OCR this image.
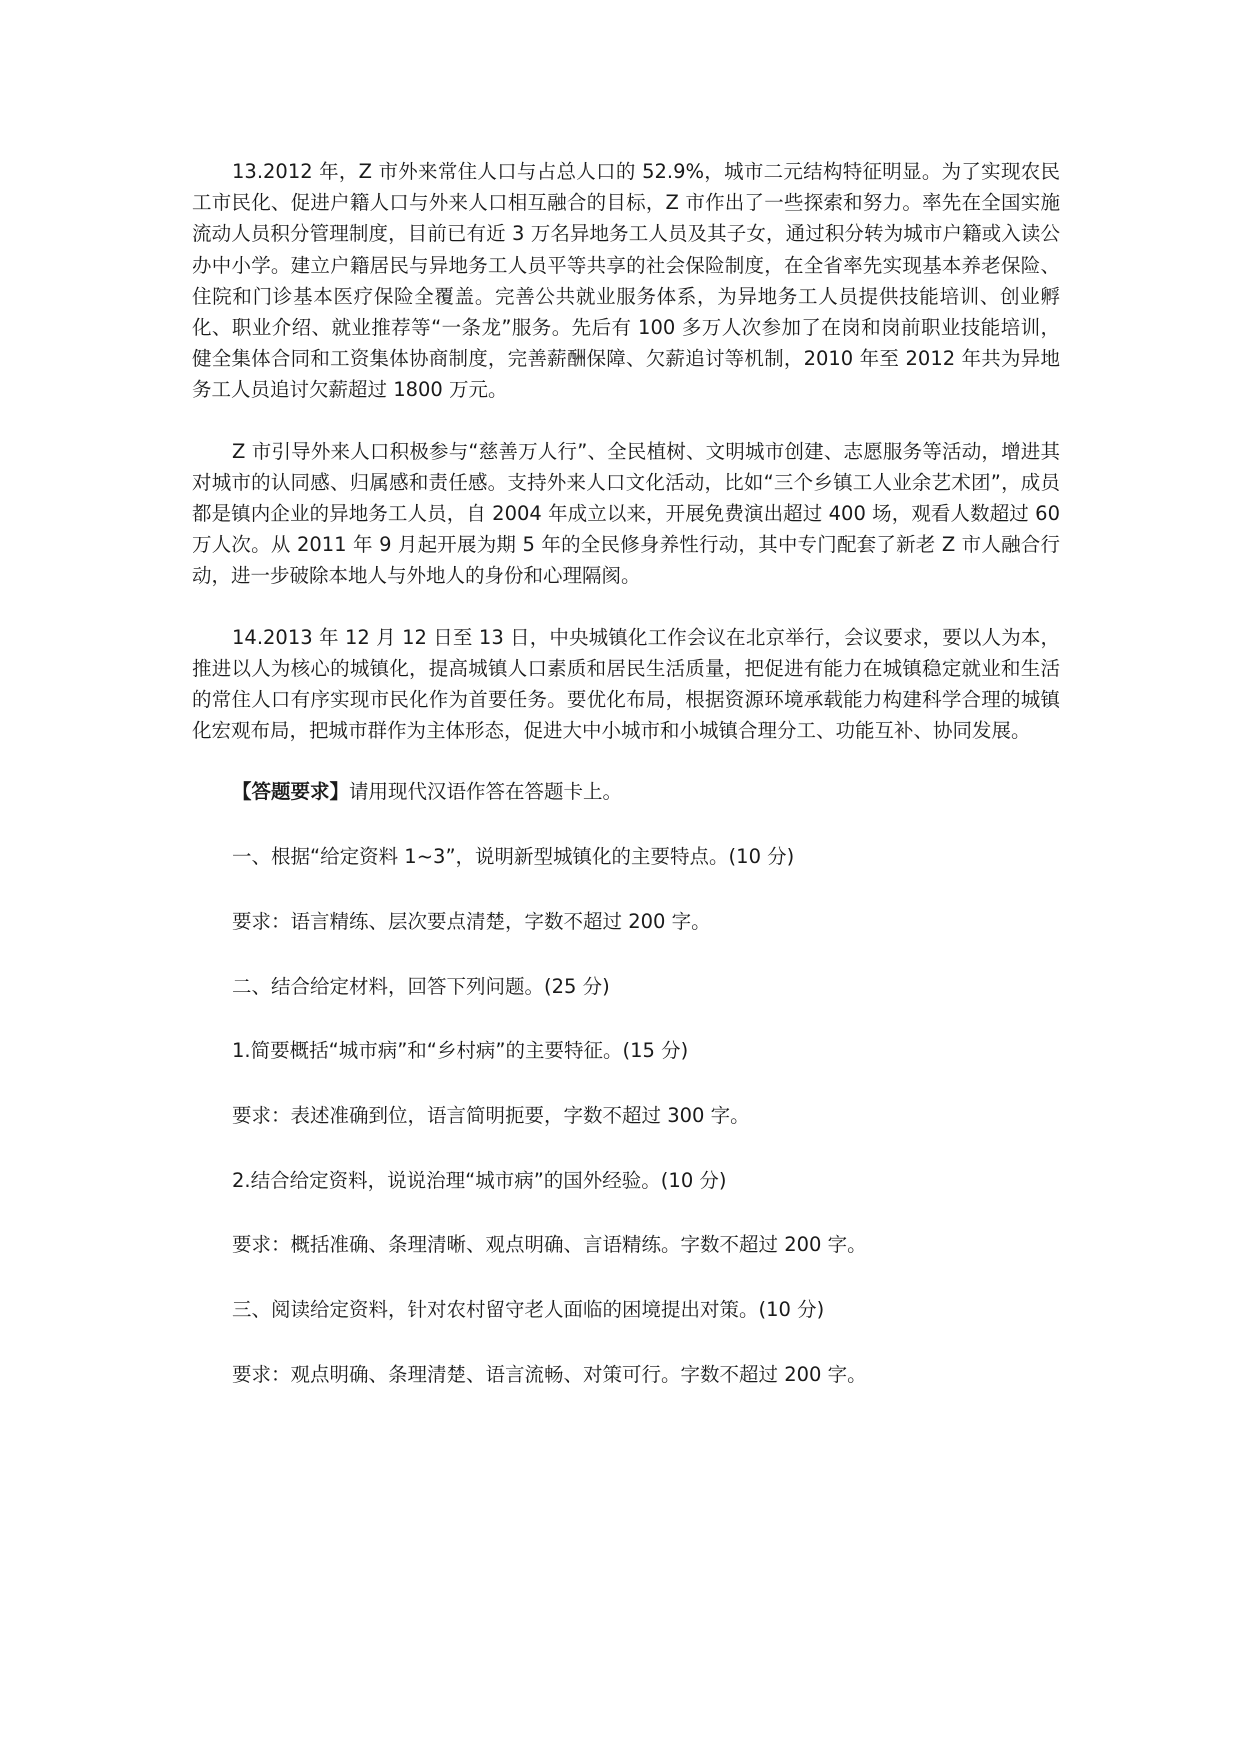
13.2012 年，Z 市外来常住人口与占总人口的 52.9%，城市二元结构特征明显。为了实现农民工市民化、促进户籍人口与外来人口相互融合的目标，Z 市作出了一些探索和努力。率先在全国实施流动人员积分管理制度，目前已有近 3 万名异地务工人员及其子女，通过积分转为城市户籍或入读公办中小学。建立户籍居民与异地务工人员平等共享的社会保险制度，在全省率先实现基本养老保险、住院和门诊基本医疗保险全覆盖。完善公共就业服务体系，为异地务工人员提供技能培训、创业孵化、职业介绍、就业推荐等“一条龙”服务。先后有 100 多万人次参加了在岗和岗前职业技能培训，健全集体合同和工资集体协商制度，完善薪酬保障、欠薪追讨等机制，2010 年至 2012 年共为异地务工人员追讨欠薪超过 1800 万元。

Z 市引导外来人口积极参与“慈善万人行”、全民植树、文明城市创建、志愿服务等活动，增进其对城市的认同感、归属感和责任感。支持外来人口文化活动，比如“三个乡镇工人业余艺术团”，成员都是镇内企业的异地务工人员，自 2004 年成立以来，开展免费演出超过 400 场，观看人数超过 60 万人次。从 2011 年 9 月起开展为期 5 年的全民修身养性行动，其中专门配套了新老 Z 市人融合行动，进一步破除本地人与外地人的身份和心理隔阂。

14.2013 年 12 月 12 日至 13 日，中央城镇化工作会议在北京举行，会议要求，要以人为本，推进以人为核心的城镇化，提高城镇人口素质和居民生活质量，把促进有能力在城镇稳定就业和生活的常住人口有序实现市民化作为首要任务。要优化布局，根据资源环境承载能力构建科学合理的城镇化宏观布局，把城市群作为主体形态，促进大中小城市和小城镇合理分工、功能互补、协同发展。

【答题要求】请用现代汉语作答在答题卡上。

一、根据“给定资料 1~3”，说明新型城镇化的主要特点。(10 分)

要求：语言精练、层次要点清楚，字数不超过 200 字。

二、结合给定材料，回答下列问题。(25 分)

1.简要概括“城市病”和“乡村病”的主要特征。(15 分)

要求：表述准确到位，语言简明扼要，字数不超过 300 字。

2.结合给定资料，说说治理“城市病”的国外经验。(10 分)

要求：概括准确、条理清晰、观点明确、言语精练。字数不超过 200 字。

三、阅读给定资料，针对农村留守老人面临的困境提出对策。(10 分)

要求：观点明确、条理清楚、语言流畅、对策可行。字数不超过 200 字。
